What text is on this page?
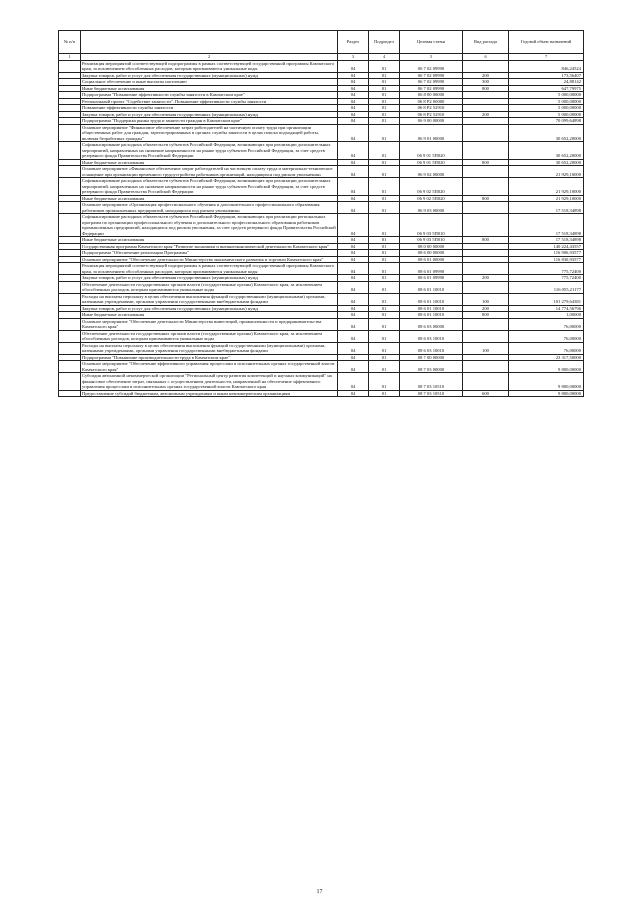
№ п/п		Раздел	Подраздел	Целевая статья	Вид расхода	Годовой объем назначений
1	2	3	4	5	6	7
	Реализация мероприятий соответствующей подпрограммы в рамках соответствующей государственной программы Камчатского края, за исключением обособленных расходов, которым присваиваются уникальные коды	04	01	06 7 02 09990		846,24524
	Закупка товаров, работ и услуг для обеспечения государственных (муниципальных) нужд	04	01	06 7 02 09990	200	173,56407
	Социальное обеспечение и иные выплаты населению	04	01	06 7 02 09990	300	24,88142
	Иные бюджетные ассигнования	04	01	06 7 02 09990	800	647,79975
	Подпрограмма "Повышение эффективности службы занятости в Камчатском крае"	04	01	06 8 00 00000		5 000,00000
	Региональный проект "Содействие занятости". Повышение эффективности службы занятости	04	01	06 8 P2 00000		5 000,00000
	Повышение эффективности службы занятости	04	01	06 8 P2 52910		5 000,00000
	Закупка товаров, работ и услуг для обеспечения государственных (муниципальных) нужд	04	01	06 8 P2 52910	200	5 000,00000
	Подпрограмма "Поддержка рынка труда и занятости граждан в Камчатском крае"	04	01	06 9 00 00000		70 099,64898
	Основное мероприятие "Финансовое обеспечение затрат работодателей на частичную оплату труда при организации общественных работ для граждан, зарегистрированных в органах службы занятости в целях поиска подходящей работы, включая безработных граждан"	04	01	06 9 01 00000		30 652,20000
	Софинансирование расходных обязательств субъектов Российской Федерации, возникающих при реализации дополнительных мероприятий, направленных на снижение напряженности на рынке труда субъектов Российской Федерации, за счет средств резервного фонда Правительства Российской Федерации	04	01	06 9 01 5П020		30 652,20000
	Иные бюджетные ассигнования	04	01	06 9 01 5П020	800	30 652,20000
	Основное мероприятие «Финансовое обеспечение затрат работодателей на частичную оплату труда и материально-техническое оснащение при организации временного трудоустройства работников организаций, находящихся под риском увольнения»	04	01	06 9 02 00000		21 929,10000
	Софинансирование расходных обязательств субъектов Российской Федерации, возникающих при реализации дополнительных мероприятий, направленных на снижение напряженности на рынке труда субъектов Российской Федерации, за счет средств резервного фонда Правительства Российской Федерации	04	01	06 9 02 5П020		21 929,10000
	Иные бюджетные ассигнования	04	01	06 9 02 5П020	800	21 929,10000
	Основное мероприятие «Организация профессионального обучения и дополнительного профессионального образования работников промышленных предприятий, находящихся под риском увольнения»	04	01	06 9 03 00000		17 518,34898
	Софинансирование расходных обязательств субъектов Российской Федерации, возникающих при реализации региональных программ по организации профессионального обучения и дополнительного профессионального образования работников промышленных предприятий, находящихся под риском увольнения, за счет средств резервного фонда Правительства Российской Федерации	04	01	06 9 03 5П010		17 518,34898
	Иные бюджетные ассигнования	04	01	06 9 03 5П010	800	17 518,34898
	Государственная программа Камчатского края "Развитие экономики и внешнеэкономической деятельности Камчатского края"	04	01	08 0 00 00000		140 224,43557
	Подпрограмма "Обеспечение реализации Программы"	04	01	08 6 00 00000		116 906,93577
	Основное мероприятие "Обеспечение деятельности Министерства экономического развития и торговли Камчатского края"	04	01	08 6 01 00000		116 830,93577
	Реализация мероприятий соответствующей подпрограммы в рамках соответствующей государственной программы Камчатского края, за исключением обособленных расходов, которым присваиваются уникальные коды	04	01	08 6 01 09990		775,72400
	Закупка товаров, работ и услуг для обеспечения государственных (муниципальных) нужд	04	01	08 6 01 09990	200	775,72400
	Обеспечение деятельности государственных органов власти (государственные органы) Камчатского края, за исключением обособленных расходов, которым присваиваются уникальные коды	04	01	08 6 01 10010		116 055,21177
	Расходы на выплаты персоналу в целях обеспечения выполнения функций государственными (муниципальными) органами, казенными учреждениями, органами управления государственными внебюджетными фондами	04	01	08 6 01 10010	100	101 279,64381
	Закупка товаров, работ и услуг для обеспечения государственных (муниципальных) нужд	04	01	08 6 01 10010	200	14 774,56796
	Иные бюджетные ассигнования	04	01	08 6 01 10010	800	1,00000
	Основное мероприятие "Обеспечение деятельности Министерства инвестиций, промышленности и предпринимательства Камчатского края"	04	01	08 6 03 00000		76,00000
	Обеспечение деятельности государственных органов власти (государственные органы) Камчатского края, за исключением обособленных расходов, которым присваиваются уникальные коды	04	01	08 6 03 10010		76,00000
	Расходы на выплаты персоналу в целях обеспечения выполнения функций государственными (муниципальными) органами, казенными учреждениями, органами управления государственными внебюджетными фондами	04	01	08 6 03 10010	100	76,00000
	Подпрограмма "Повышение производительности труда в Камчатском крае"	04	01	08 7 00 00000		23 317,50000
	Основное мероприятие "Обеспечение эффективного управления процессами в исполнительных органах государственной власти Камчатского края"	04	01	08 7 03 00000		9 800,00000
	Субсидия автономной некоммерческой организации "Региональный центр развития компетенций и научных коммуникаций" на финансовое обеспечение затрат, связанных с осуществлением деятельности, направленной на обеспечение эффективного управления процессами в исполнительных органах государственной власти Камчатского края	04	01	08 7 03 10510		9 800,00000
	Предоставление субсидий бюджетным, автономным учреждениям и иным некоммерческим организациям	04	01	08 7 03 10510	600	9 800,00000
17
